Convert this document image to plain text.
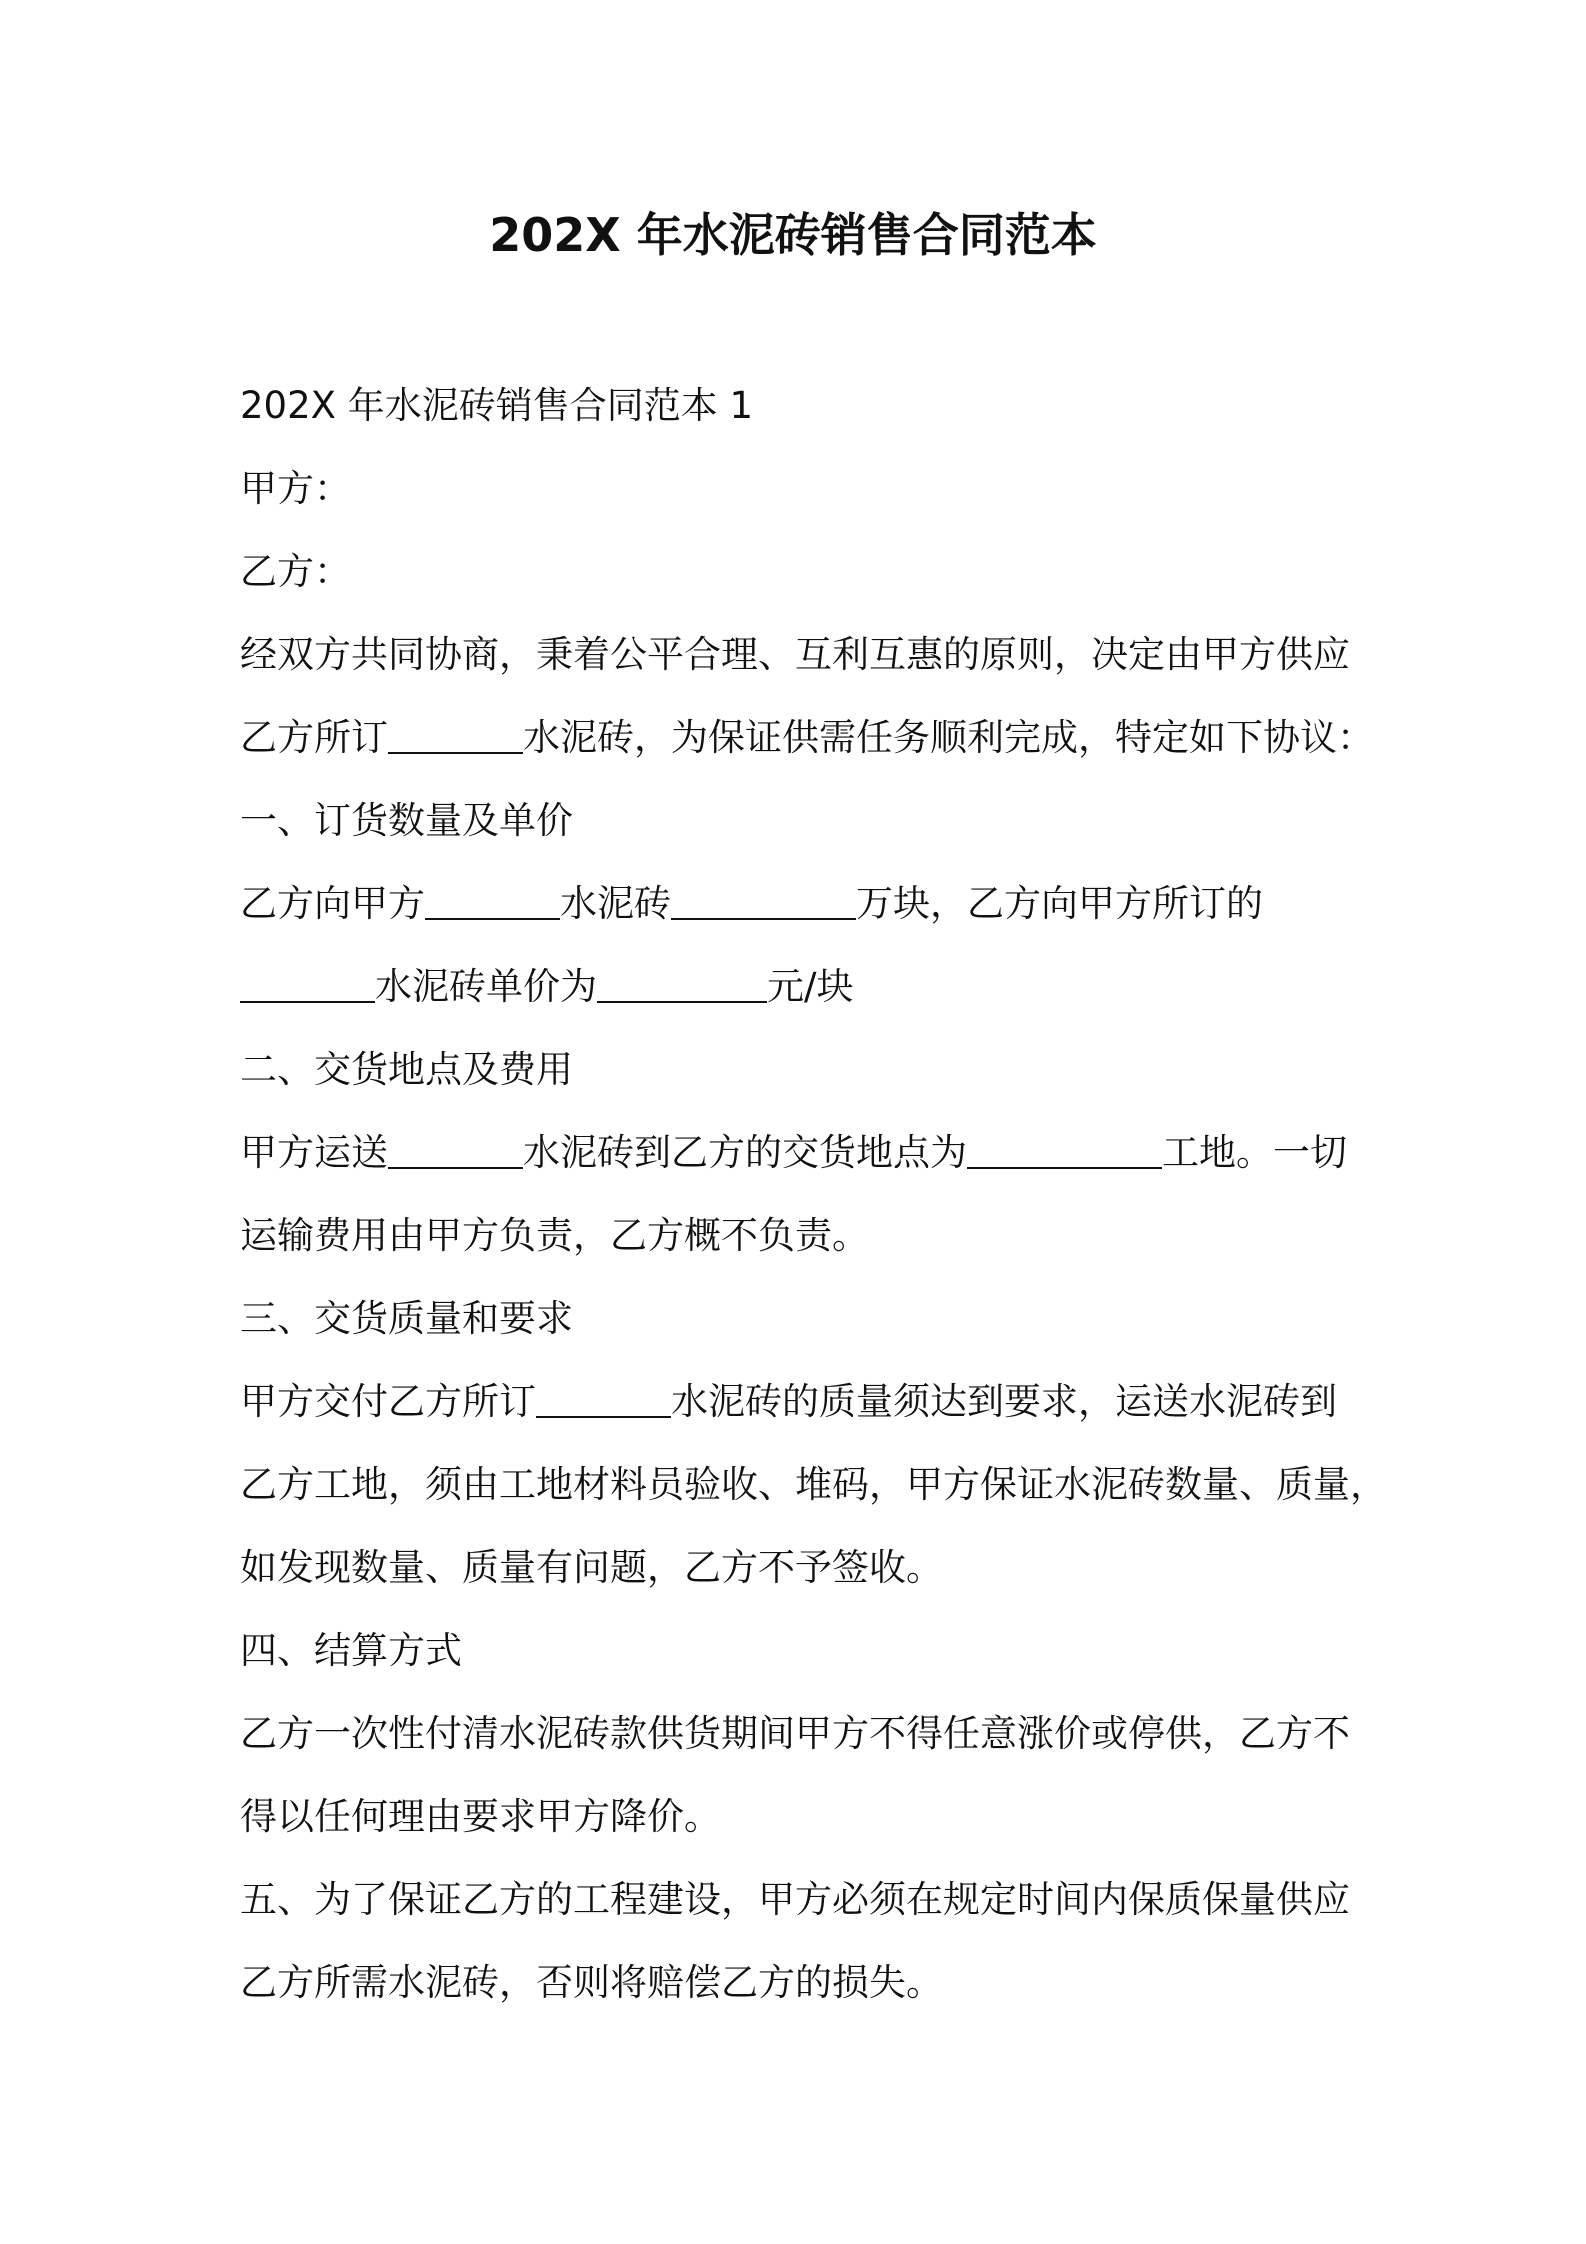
202X 年水泥砖销售合同范本
202X 年水泥砖销售合同范本 1
甲方：
乙方：
经双方共同协商，秉着公平合理、互利互惠的原则，决定由甲方供应
乙方所订	水泥砖，为保证供需任务顺利完成，特定如下协议：
一、订货数量及单价
乙方向甲方	水泥砖	万块，乙方向甲方所订的
水泥砖单价为	元/块
二、交货地点及费用
甲方运送	水泥砖到乙方的交货地点为	工地。一切
运输费用由甲方负责，乙方概不负责。
三、交货质量和要求
甲方交付乙方所订	水泥砖的质量须达到要求，运送水泥砖到
乙方工地，须由工地材料员验收、堆码，甲方保证水泥砖数量、质量，
如发现数量、质量有问题，乙方不予签收。
四、结算方式
乙方一次性付清水泥砖款供货期间甲方不得任意涨价或停供，乙方不
得以任何理由要求甲方降价。
五、为了保证乙方的工程建设，甲方必须在规定时间内保质保量供应
乙方所需水泥砖，否则将赔偿乙方的损失。
